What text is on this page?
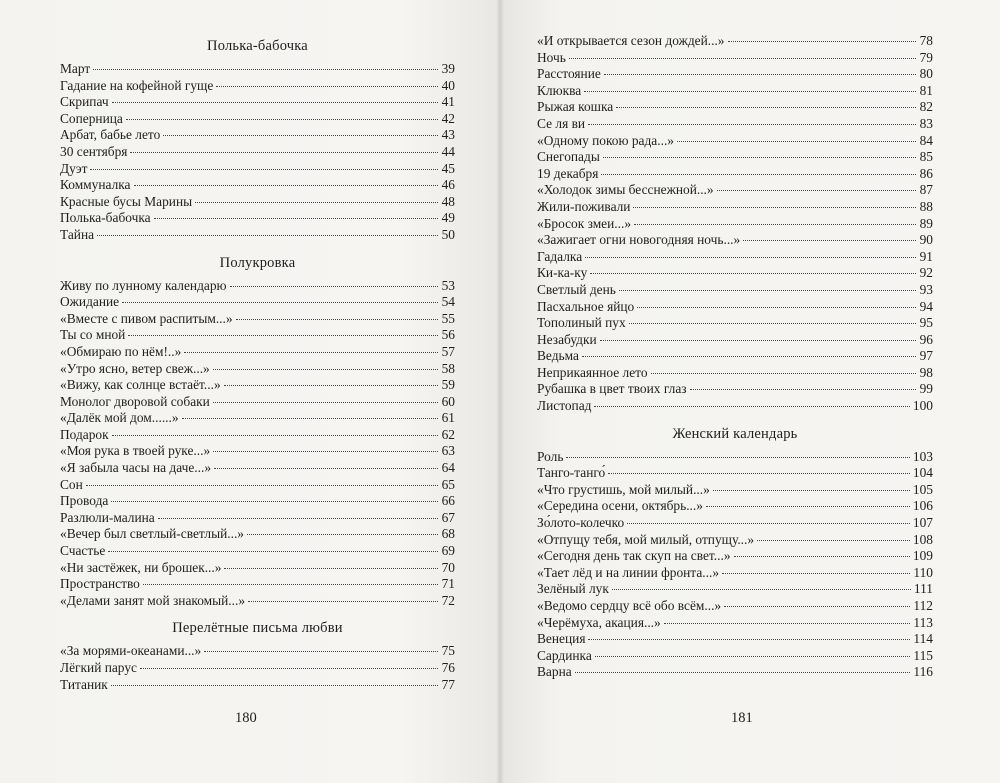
Полька-бабочка
Март	39
Гадание на кофейной гуще	40
Скрипач	41
Соперница	42
Арбат, бабье лето	43
30 сентября	44
Дуэт	45
Коммуналка	46
Красные бусы Марины	48
Полька-бабочка	49
Тайна	50
Полукровка
Живу по лунному календарю	53
Ожидание	54
«Вместе с пивом распитым...»	55
Ты со мной	56
«Обмираю по нём!..»	57
«Утро ясно, ветер свеж...»	58
«Вижу, как солнце встаёт...»	59
Монолог дворовой собаки	60
«Далёк мой дом......»	61
Подарок	62
«Моя рука в твоей руке...»	63
«Я забыла часы на даче...»	64
Сон	65
Провода	66
Разлюли-малина	67
«Вечер был светлый-светлый...»	68
Счастье	69
«Ни застёжек, ни брошек...»	70
Пространство	71
«Делами занят мой знакомый...»	72
Перелётные письма любви
«За морями-океанами...»	75
Лёгкий парус	76
Титаник	77
180
«И открывается сезон дождей...»	78
Ночь	79
Расстояние	80
Клюква	81
Рыжая кошка	82
Се ля ви	83
«Одному покою рада...»	84
Снегопады	85
19 декабря	86
«Холодок зимы бесснежной...»	87
Жили-поживали	88
«Бросок змеи...»	89
«Зажигает огни новогодняя ночь...»	90
Гадалка	91
Ки-ка-ку	92
Светлый день	93
Пасхальное яйцо	94
Тополиный пух	95
Незабудки	96
Ведьма	97
Неприкаянное лето	98
Рубашка в цвет твоих глаз	99
Листопад	100
Женский календарь
Роль	103
Танго-танго́	104
«Что грустишь, мой милый...»	105
«Середина осени, октябрь...»	106
Зо́лото-колечко	107
«Отпущу тебя, мой милый, отпущу...»	108
«Сегодня день так скуп на свет...»	109
«Тает лёд и на линии фронта...»	110
Зелёный лук	111
«Ведомо сердцу всё обо всём...»	112
«Черёмуха, акация...»	113
Венеция	114
Сардинка	115
Варна	116
181
